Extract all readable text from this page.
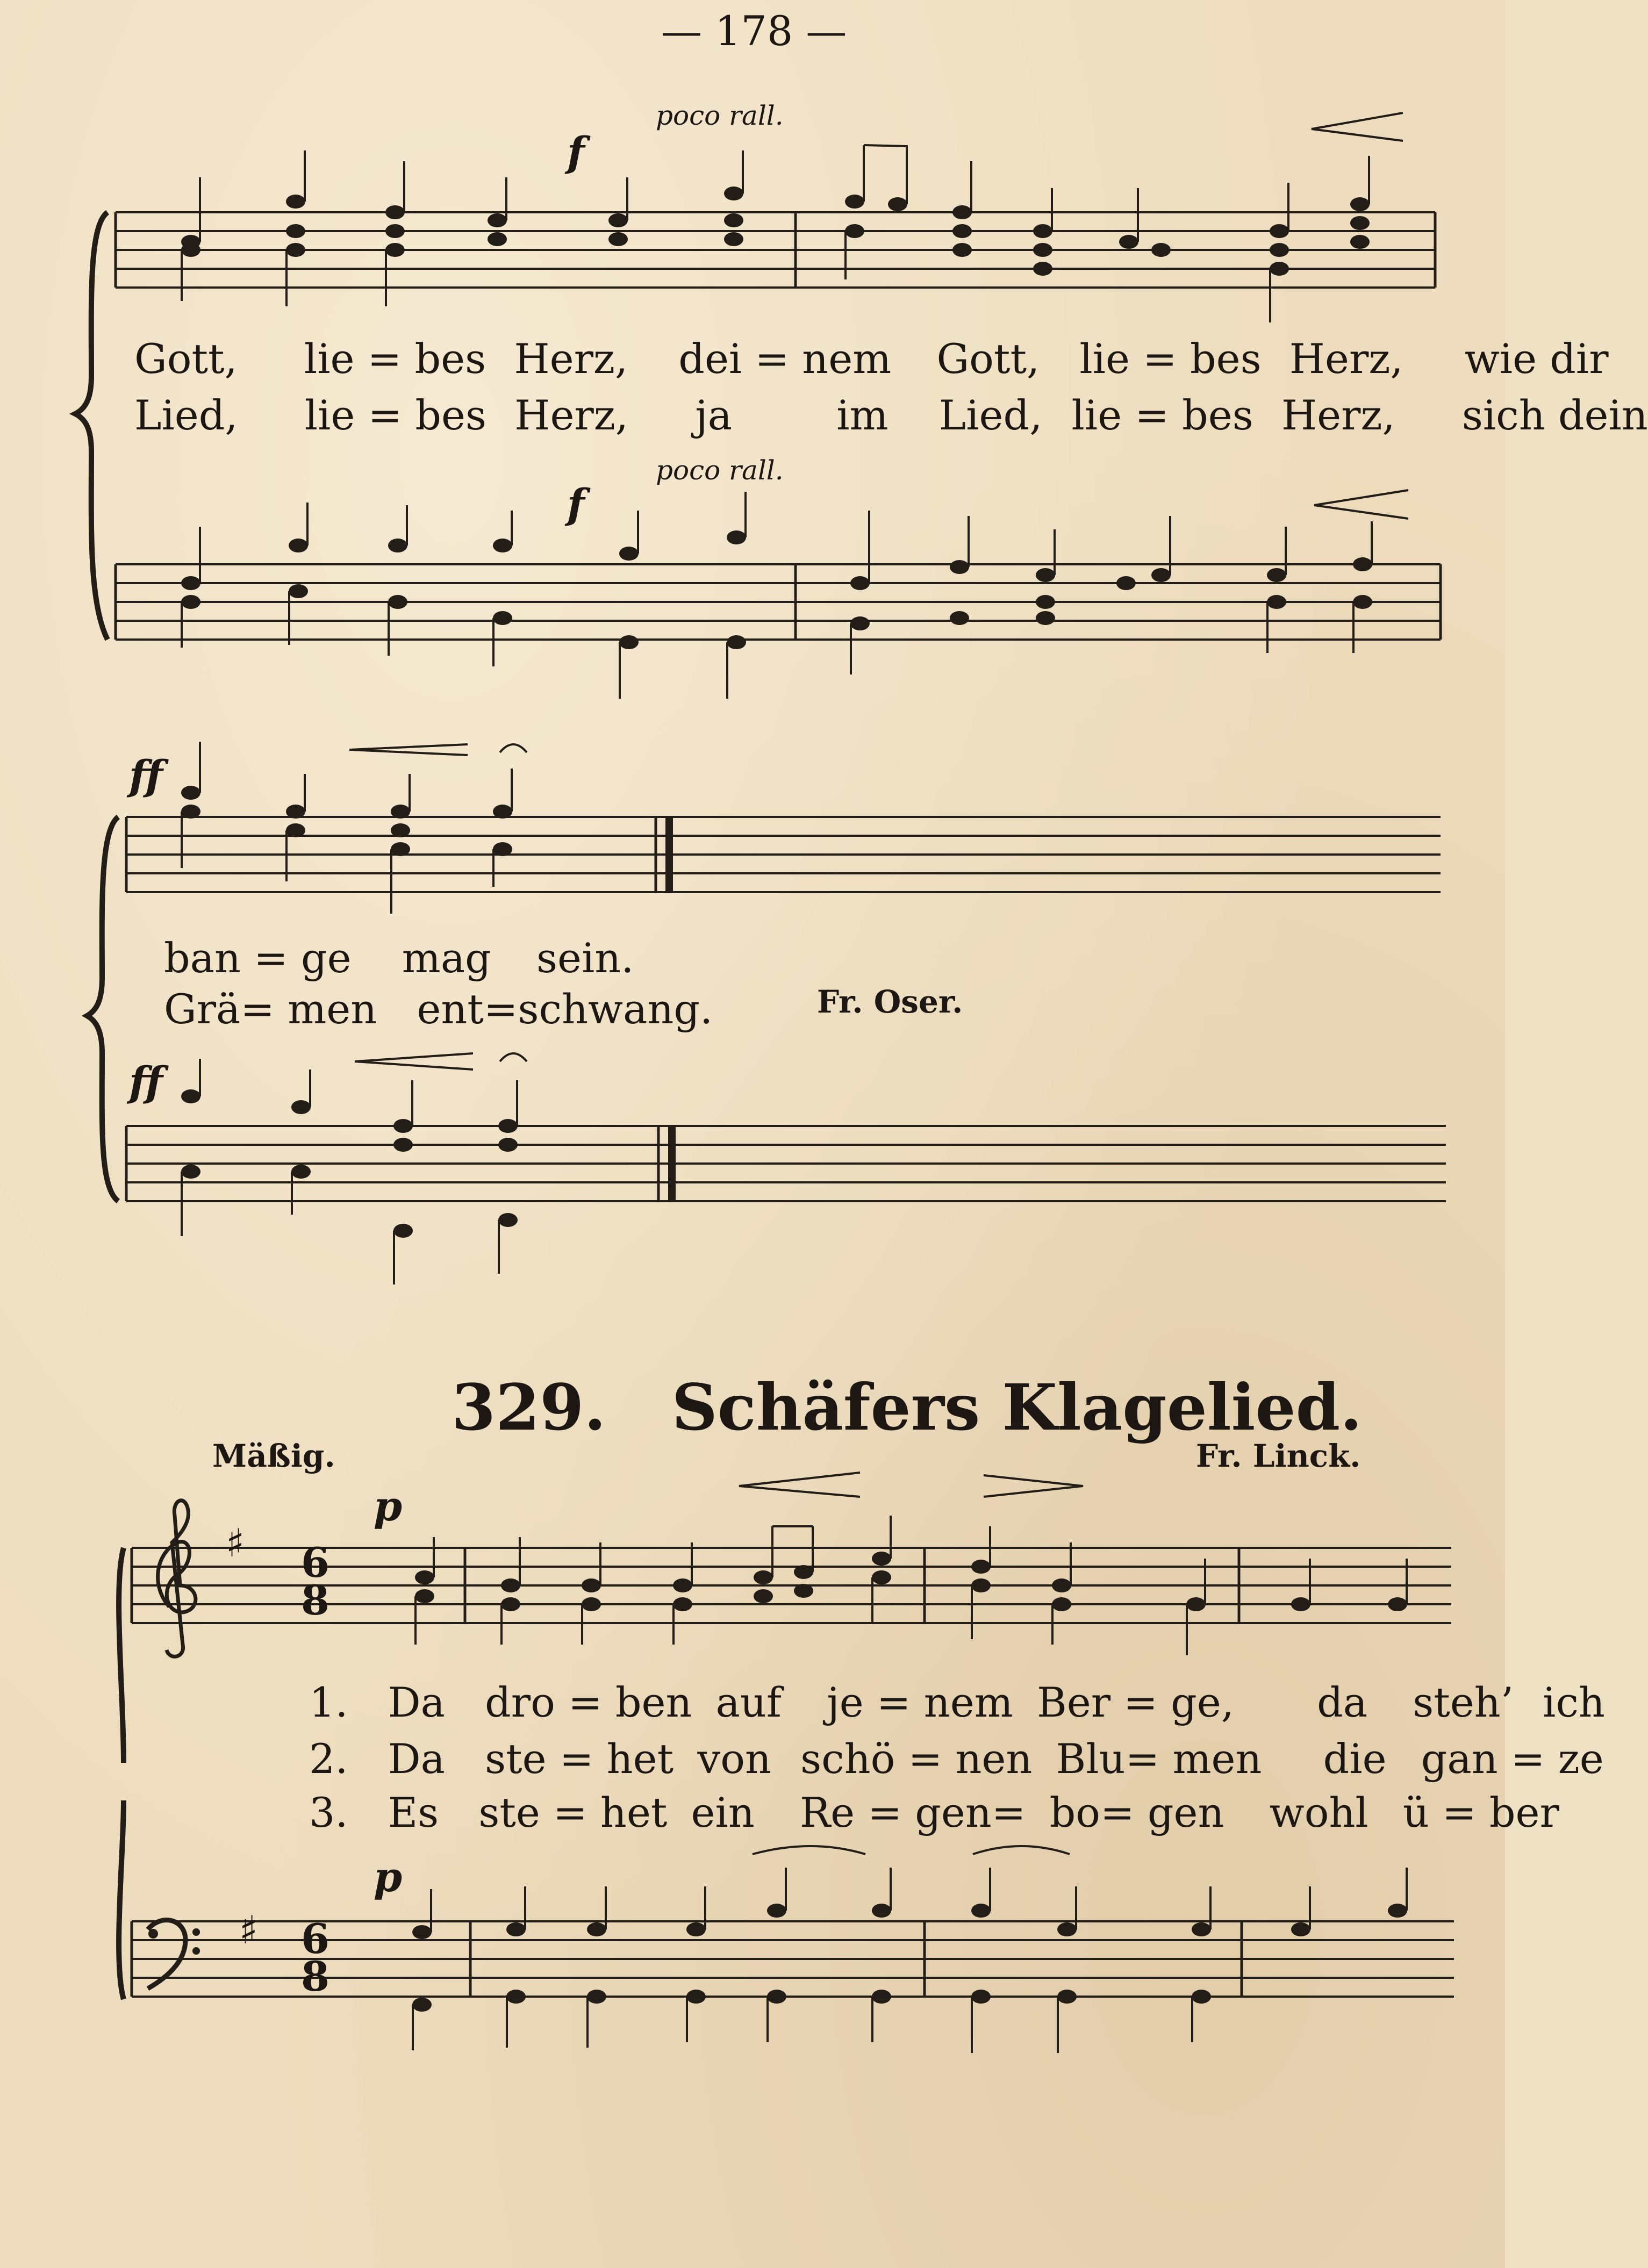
— 178 —
poco rall.
f
Gott, lie = bes Herz, dei = nem Gott, lie = bes Herz, wie dir
Lied, lie = bes Herz, ja	im Lied, lie = bes Herz, sich dein
poco rall.
f
ff
ban = ge mag sein.
Grä= men ent=schwang.	Fr. Oser.
ff
329. Schäfers Klagelied.
Mäßig.	Fr. Linck.
♯ 6
8
p
1. Da dro = ben auf je = nem Ber = ge, da steh’ ich
2. Da ste = het von schö = nen Blu= men die gan = ze
3. Es ste = het ein Re = gen= bo= gen wohl ü = ber
p
♯ 6
8
